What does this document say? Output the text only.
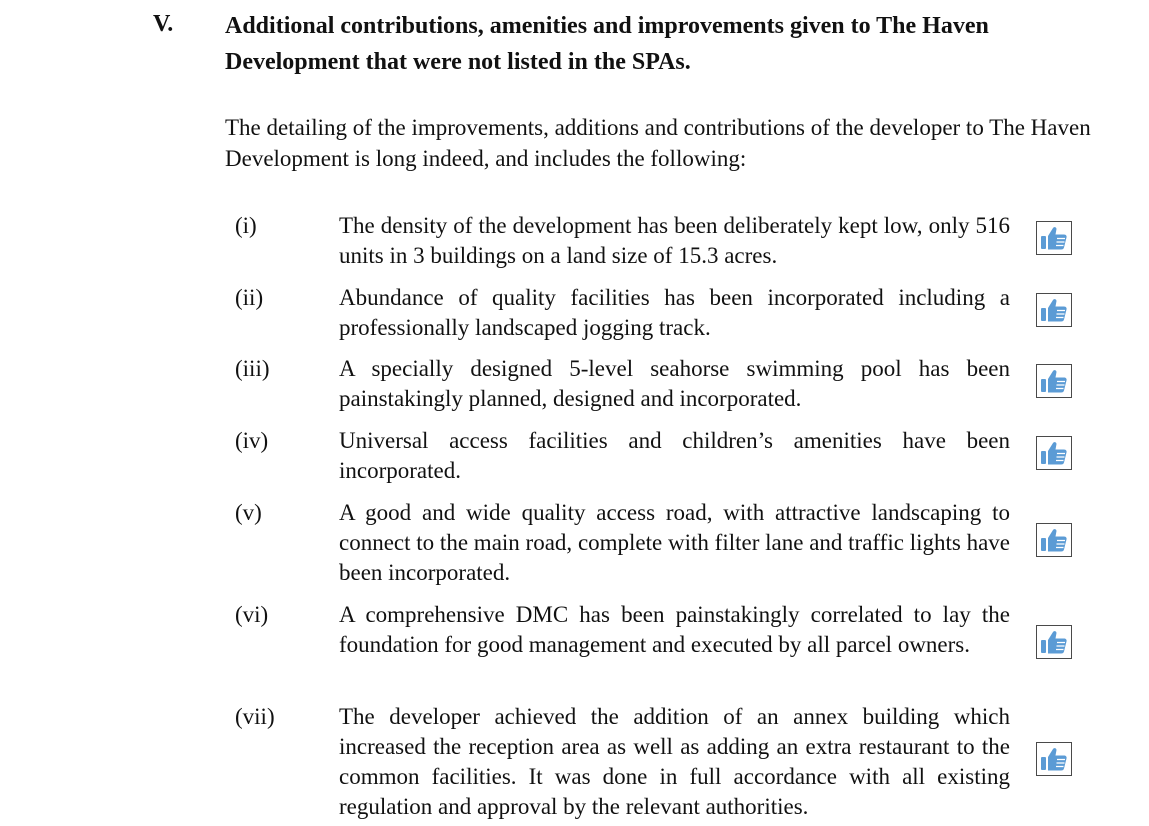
V. Additional contributions, amenities and improvements given to The Haven Development that were not listed in the SPAs.
The detailing of the improvements, additions and contributions of the developer to The Haven Development is long indeed, and includes the following:
(i)	The density of the development has been deliberately kept low, only 516 units in 3 buildings on a land size of 15.3 acres.
(ii)	Abundance of quality facilities has been incorporated including a professionally landscaped jogging track.
(iii)	A specially designed 5-level seahorse swimming pool has been painstakingly planned, designed and incorporated.
(iv)	Universal access facilities and children’s amenities have been incorporated.
(v)	A good and wide quality access road, with attractive landscaping to connect to the main road, complete with filter lane and traffic lights have been incorporated.
(vi)	A comprehensive DMC has been painstakingly correlated to lay the foundation for good management and executed by all parcel owners.
(vii)	The developer achieved the addition of an annex building which increased the reception area as well as adding an extra restaurant to the common facilities. It was done in full accordance with all existing regulation and approval by the relevant authorities.
